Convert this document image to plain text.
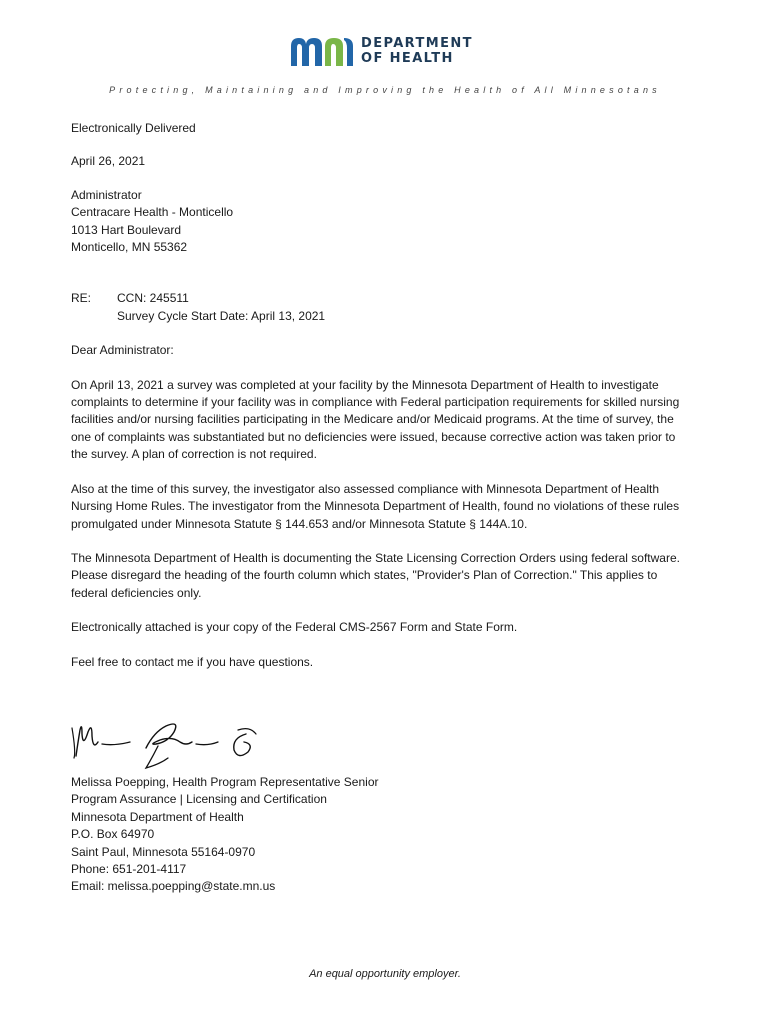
DEPARTMENT
OF HEALTH
Protecting, Maintaining and Improving the Health of All Minnesotans

Electronically Delivered

April 26, 2021

Administrator
Centracare Health - Monticello
1013 Hart Boulevard
Monticello, MN 55362
RE:	CCN: 245511
Survey Cycle Start Date: April 13, 2021

Dear Administrator:

On April 13, 2021 a survey was completed at your facility by the Minnesota Department of Health to investigate complaints to determine if your facility was in compliance with Federal participation requirements for skilled nursing facilities and/or nursing facilities participating in the Medicare and/or Medicaid programs. At the time of survey, the one of complaints was substantiated but no deficiencies were issued, because corrective action was taken prior to the survey. A plan of correction is not required.

Also at the time of this survey, the investigator also assessed compliance with Minnesota Department of Health Nursing Home Rules. The investigator from the Minnesota Department of Health, found no violations of these rules promulgated under Minnesota Statute § 144.653 and/or Minnesota Statute § 144A.10.

The Minnesota Department of Health is documenting the State Licensing Correction Orders using federal software. Please disregard the heading of the fourth column which states, "Provider's Plan of Correction." This applies to federal deficiencies only.

Electronically attached is your copy of the Federal CMS-2567 Form and State Form.

Feel free to contact me if you have questions.

Melissa Poepping, Health Program Representative Senior
Program Assurance | Licensing and Certification
Minnesota Department of Health
P.O. Box 64970
Saint Paul, Minnesota 55164-0970
Phone: 651-201-4117
Email: melissa.poepping@state.mn.us
An equal opportunity employer.
